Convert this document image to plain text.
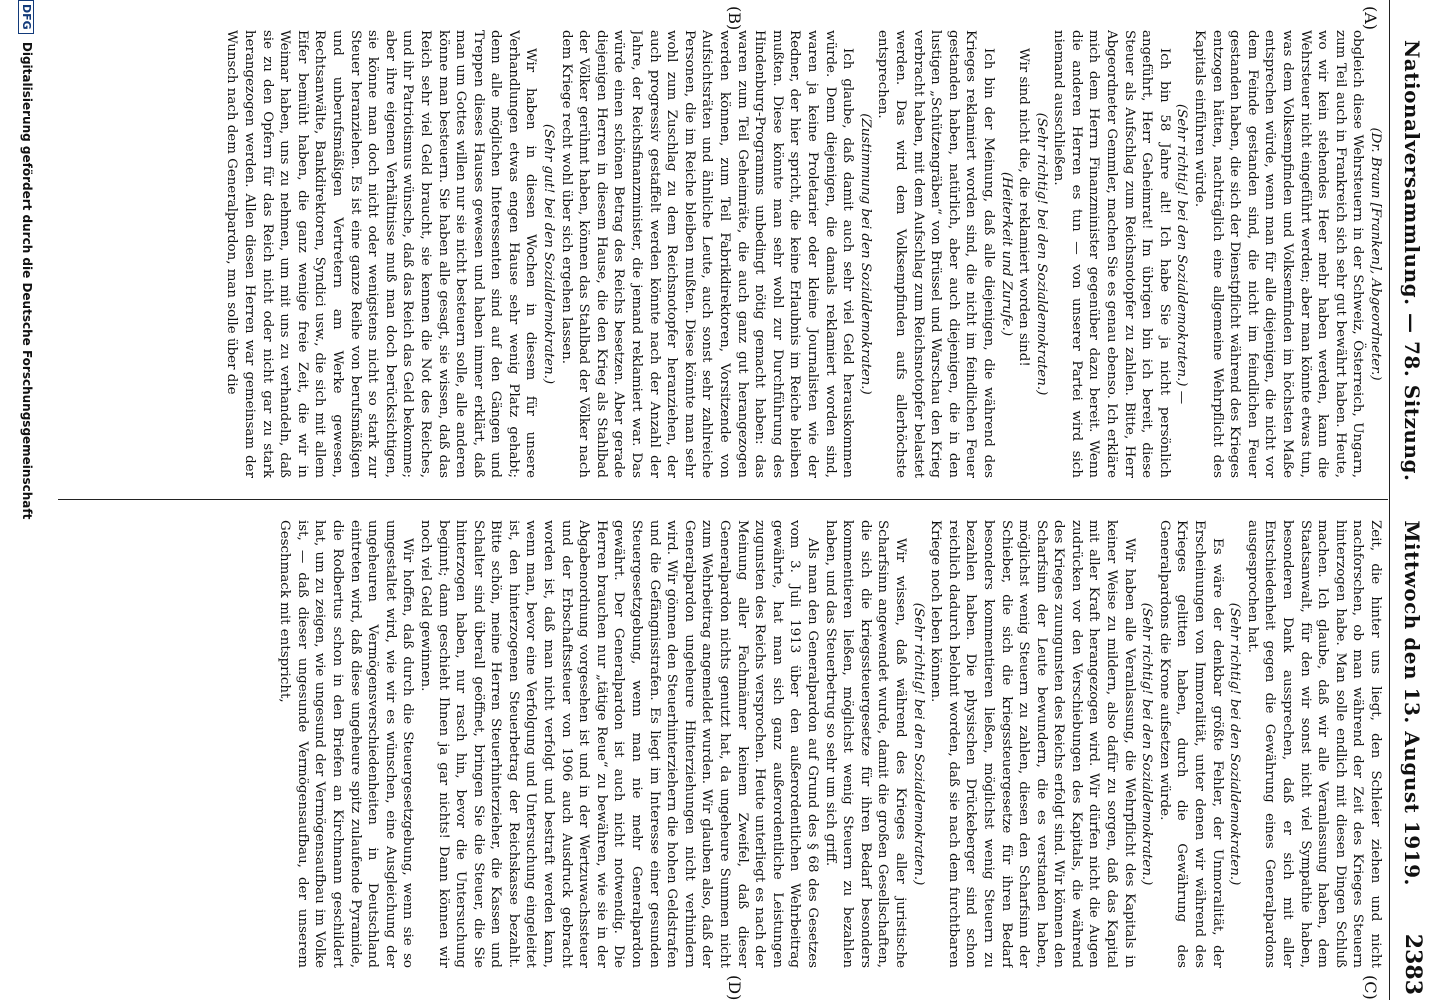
Nationalversammlung. — 78. Sitzung.  Mittwoch den 13. August 1919.
2383
(A)
(B)
(C)
(D)

(Dr. Braun [Franken], Abgeordneter.)

obgleich diese Wehrsteuern in der Schweiz, Österreich, Ungarn, zum Teil auch in Frankreich sich sehr gut bewährt haben. Heute, wo wir kein stehendes Heer mehr haben werden, kann die Wehrsteuer nicht eingeführt werden; aber man könnte etwas tun, was dem Volksempfinden und Volksemfinden im höchsten Maße entsprechen würde, wenn man für alle diejenigen, die nicht vor dem Feinde gestanden sind, die nicht im feindlichen Feuer gestanden haben, die sich der Dienstpflicht während des Krieges entzogen hätten, nachträglich eine allgemeine Wehrpflicht des Kapitals einführen würde.

(Sehr richtig! bei den Sozialdemokraten.) —

Ich bin 58 Jahre alt! Ich habe Sie ja nicht persönlich angeführt, Herr Geheimrat! Im übrigen bin ich bereit, diese Steuer als Aufschlag zum Reichsnotopfer zu zahlen. Bitte, Herr Abgeordneter Gemmler, machen Sie es genau ebenso. Ich erkläre mich dem Herrn Finanzminister gegenüber dazu bereit. Wenn die anderen Herren es tun — von unserer Partei wird sich niemand ausschließen.

(Sehr richtig! bei den Sozialdemokraten.)

Wir sind nicht die, die reklamiert worden sind!

(Heiterkeit und Zurufe.)

Ich bin der Meinung, daß alle diejenigen, die während des Krieges reklamiert worden sind, die nicht im feindlichen Feuer gestanden haben, natürlich, aber auch diejenigen, die in den lustigen „Schützengräben“ von Brüssel und Warschau den Krieg verbracht haben, mit dem Aufschlag zum Reichsnotopfer belastet werden. Das wird dem Volksempfinden aufs allerhöchste entsprechen.

(Zustimmung bei den Sozialdemokraten.)

Ich glaube, daß damit auch sehr viel Geld herauskommen würde. Denn diejenigen, die damals reklamiert worden sind, waren ja keine Proletarier oder kleine Journalisten wie der Redner, der hier spricht, die keine Erlaubnis im Reiche bleiben mußten. Diese könnte man sehr wohl zur Durchführung des Hindenburg-Programms unbedingt nötig gemacht haben: das waren zum Teil Geheimräte, die auch ganz gut herangezogen werden können, zum Teil Fabrikdirektoren, Vorsitzende von Aufsichtsräten und ähnliche Leute, auch sonst sehr zahlreiche Personen, die im Reiche bleiben mußten. Diese könnte man sehr wohl zum Zuschlag zu dem Reichsnotopfer heranziehen, der auch progressiv gestaffelt werden könnte nach der Anzahl der Jahre, der Reichsfinanzminister, die jemand reklamiert war. Das würde einen schönen Betrag des Reichs besetzen. Aber gerade diejenigen Herren in diesem Hause, die den Krieg als Stahlbad der Völker gerühmt haben, können das Stahlbad der Völker nach dem Kriege recht wohl über sich ergehen lassen.

(Sehr gut! bei den Sozialdemokraten.)

Wir haben in diesen Wochen in diesem für unsere Verhandlungen etwas engen Hause sehr wenig Platz gehabt; denn alle möglichen Interessenten sind auf den Gängen und Treppen dieses Hauses gewesen und haben immer erklärt, daß man um Gottes willen nur sie nicht besteuern solle, alle anderen könne man besteuern. Sie haben alle gesagt, sie wissen, daß das Reich sehr viel Geld braucht, sie kennen die Not des Reiches, und ihr Patriotismus wünsche, daß das Reich das Geld bekomme; aber ihre eigenen Verhältnisse muß man doch berücksichtigen, sie könne man doch nicht oder wenigstens nicht so stark zur Steuer heranziehen. Es ist eine ganze Reihe von berufsmäßigen und unberufsmäßigen Vertretern am Werke gewesen, Rechtsanwälte, Bankdirektoren, Syndici usw., die sich mit allem Eifer bemüht haben, die ganz wenige freie Zeit, die wir in Weimar haben, uns zu nehmen, um mit uns zu verhandeln, daß sie zu den Opfern für das Reich nicht oder nicht gar zu stark herangezogen werden. Allen diesen Herren war gemeinsam der Wunsch nach dem Generalpardon, man solle über die

Zeit, die hinter uns liegt, den Schleier ziehen und nicht nachforschen, ob man während der Zeit des Krieges Steuern hinterzogen habe. Man solle endlich mit diesen Dingen Schluß machen. Ich glaube, daß wir alle Veranlassung haben, dem Staatsanwalt, für den wir sonst nicht viel Sympathie haben, besonderen Dank aussprechen, daß er sich mit aller Entschiedenheit gegen die Gewährung eines Generalpardons ausgesprochen hat.

(Sehr richtig! bei den Sozialdemokraten.)

Es wäre der denkbar größte Fehler, der Unmoralität, der Erscheinungen von Immoralität, unter denen wir während des Krieges gelitten haben, durch die Gewährung des Generalpardons die Krone aufsetzen würde.

(Sehr richtig! bei den Sozialdemokraten.)

Wir haben alle Veranlassung, die Wehrpflicht des Kapitals in keiner Weise zu mildern, also dafür zu sorgen, daß das Kapital mit aller Kraft herangezogen wird. Wir dürfen nicht die Augen zudrücken vor den Verschiebungen des Kapitals, die während des Krieges zuungunsten des Reichs erfolgt sind. Wir können den Scharfsinn der Leute bewundern, die es verstanden haben, möglichst wenig Steuern zu zahlen, diesen den Scharfsinn der Schieber, die sich die kriegssteuergesetze für ihren Bedarf besonders kommentieren ließen, möglichst wenig Steuern zu bezahlen haben. Die physischen Drückeberger sind schon reichlich dadurch belohnt worden, daß sie nach dem furchtbaren Kriege noch leben können.

(Sehr richtig! bei den Sozialdemokraten.)

Wir wissen, daß während des Krieges aller juristische Scharfsinn angewendet wurde, damit die großen Gesellschaften, die sich die kriegssteuergesetze für ihren Bedarf besonders kommentieren ließen, möglichst wenig Steuern zu bezahlen haben, und das Steuerbetrug so sehr um sich griff.

Als man den Generalpardon auf Grund des § 68 des Gesetzes vom 3. Juli 1913 über den außerordentlichen Wehrbeitrag gewährte, hat man sich ganz außerordentliche Leistungen zugunsten des Reichs versprochen. Heute unterliegt es nach der Meinung aller Fachmänner keinem Zweifel, daß dieser Generalpardon nichts genutzt hat, da ungeheure Summen nicht zum Wehrbeitrag angemeldet wurden. Wir glauben also, daß der Generalpardon ungeheure Hinterziehungen nicht verhindern wird. Wir gönnen den Steuerhinterziehern die hohen Geldstrafen und die Gefängnisstrafen. Es liegt im Interesse einer gesunden Steuergesetzgebung, wenn man nie mehr Generalpardon gewährt. Der Generalpardon ist auch nicht notwendig. Die Herren brauchen nur „tätige Reue“ zu bewähren, wie sie in der Abgabenordnung vorgesehen ist und in der Wertzuwachssteuer und der Erbschaftssteuer von 1906 auch Ausdruck gebracht worden ist, daß man nicht verfolgt und bestraft werden kann, wenn man, bevor eine Verfolgung und Untersuchung eingeleitet ist, den hinterzogenen Steuerbetrag der Reichskasse bezahlt. Bitte schön, meine Herren Steuerhinterzieher, die Kassen und Schalter sind überall geöffnet, bringen Sie die Steuer, die Sie hinterzogen haben, nur rasch hin, bevor die Untersuchung beginnt; dann geschieht Ihnen ja gar nichts! Dann können wir noch viel Geld gewinnen.

Wir hoffen, daß durch die Steuergesetzgebung, wenn sie so umgestaltet wird, wie wir es wünschen, eine Ausgleichung der ungeheuren Vermögensverschiedenheiten in Deutschland eintreten wird, daß diese ungeheure spitz zulaufende Pyramide, die Rodbertus schon in den Briefen an Kirchmann geschildert hat, um zu zeigen, wie ungesund der Vermögensaufbau im Volke ist, — daß dieser ungesunde Vermögensaufbau, der unserem Geschmack mit entspricht,

DFG Digitalisierung gefördert durch die Deutsche Forschungsgemeinschaft
